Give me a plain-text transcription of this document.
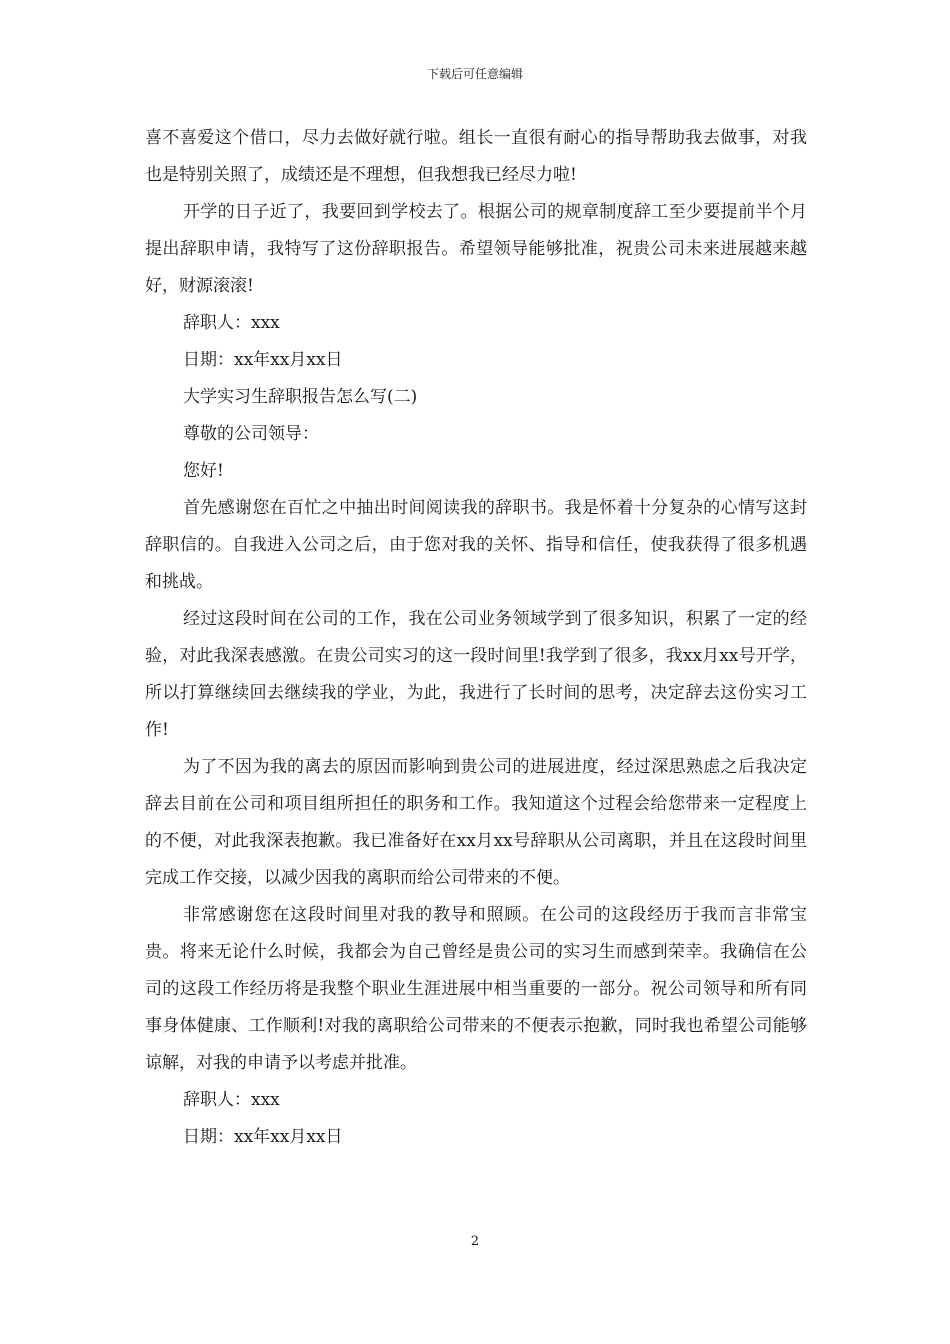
下载后可任意编辑

喜不喜爱这个借口，尽力去做好就行啦。组长一直很有耐心的指导帮助我去做事，对我也是特别关照了，成绩还是不理想，但我想我已经尽力啦!

开学的日子近了，我要回到学校去了。根据公司的规章制度辞工至少要提前半个月提出辞职申请，我特写了这份辞职报告。希望领导能够批准，祝贵公司未来进展越来越好，财源滚滚!

辞职人：xxx

日期：xx年xx月xx日

大学实习生辞职报告怎么写(二)

尊敬的公司领导：

您好!

首先感谢您在百忙之中抽出时间阅读我的辞职书。我是怀着十分复杂的心情写这封辞职信的。自我进入公司之后，由于您对我的关怀、指导和信任，使我获得了很多机遇和挑战。

经过这段时间在公司的工作，我在公司业务领域学到了很多知识，积累了一定的经验，对此我深表感激。在贵公司实习的这一段时间里!我学到了很多，我xx月xx号开学，所以打算继续回去继续我的学业，为此，我进行了长时间的思考，决定辞去这份实习工作!

为了不因为我的离去的原因而影响到贵公司的进展进度，经过深思熟虑之后我决定辞去目前在公司和项目组所担任的职务和工作。我知道这个过程会给您带来一定程度上的不便，对此我深表抱歉。我已准备好在xx月xx号辞职从公司离职，并且在这段时间里完成工作交接，以减少因我的离职而给公司带来的不便。

非常感谢您在这段时间里对我的教导和照顾。在公司的这段经历于我而言非常宝贵。将来无论什么时候，我都会为自己曾经是贵公司的实习生而感到荣幸。我确信在公司的这段工作经历将是我整个职业生涯进展中相当重要的一部分。祝公司领导和所有同事身体健康、工作顺利!对我的离职给公司带来的不便表示抱歉，同时我也希望公司能够谅解，对我的申请予以考虑并批准。

辞职人：xxx

日期：xx年xx月xx日

2
